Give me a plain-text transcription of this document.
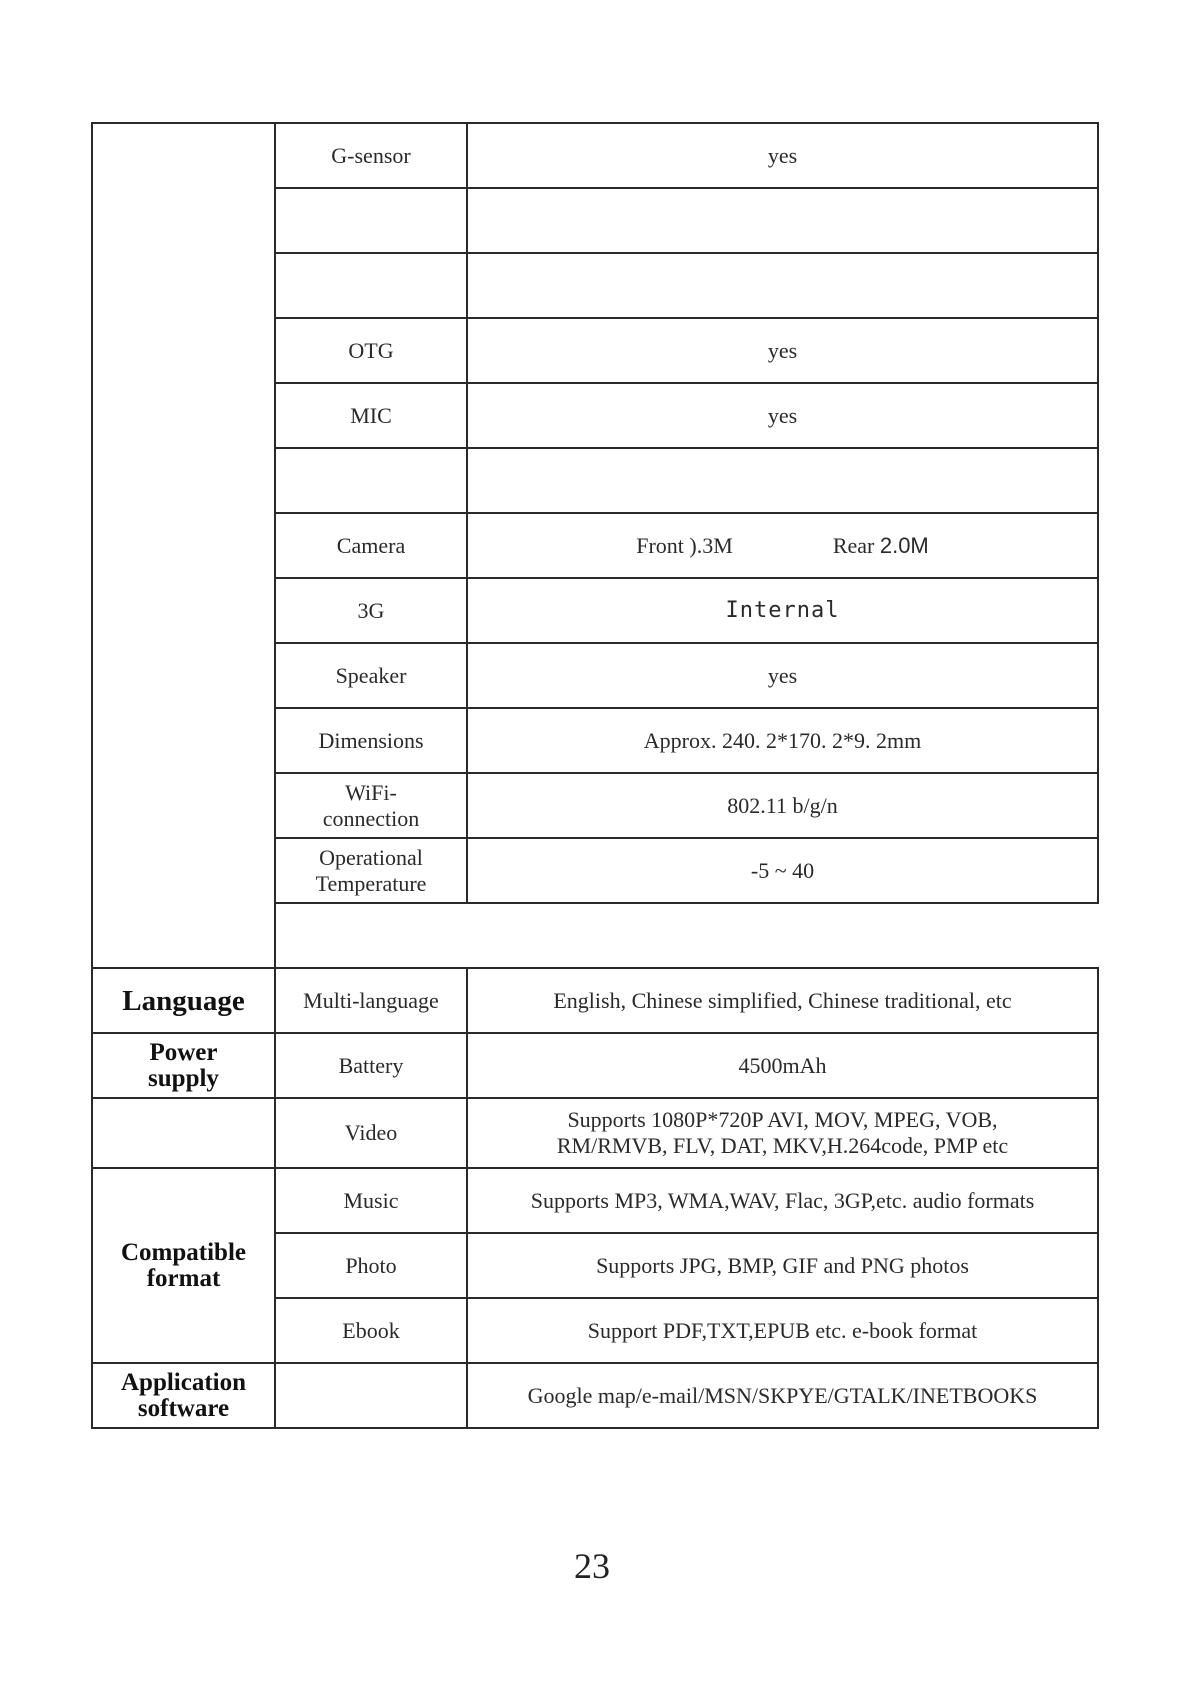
	G-sensor	yes

	OTG	yes
	MIC	yes

	Camera	Front ).3M Rear 2.0M

	3G	Internal
	Speaker	yes
	Dimensions	Approx. 240. 2*170. 2*9. 2mm

	WiFi-
connection	802.11 b/g/n

	Operational
Temperature	-5 ~ 40

Language	Multi-language	English, Chinese simplified, Chinese traditional, etc

Power
supply	Battery	4500mAh
	Video	Supports 1080P*720P AVI, MOV, MPEG, VOB,
RM/RMVB, FLV, DAT, MKV,H.264code, PMP etc

Compatible
format	Music	Supports MP3, WMA,WAV, Flac, 3GP,etc. audio formats
	Photo	Supports JPG, BMP, GIF and PNG photos
	Ebook	Support PDF,TXT,EPUB etc. e-book format

Application
software		Google map/e-mail/MSN/SKPYE/GTALK/INETBOOKS
23
